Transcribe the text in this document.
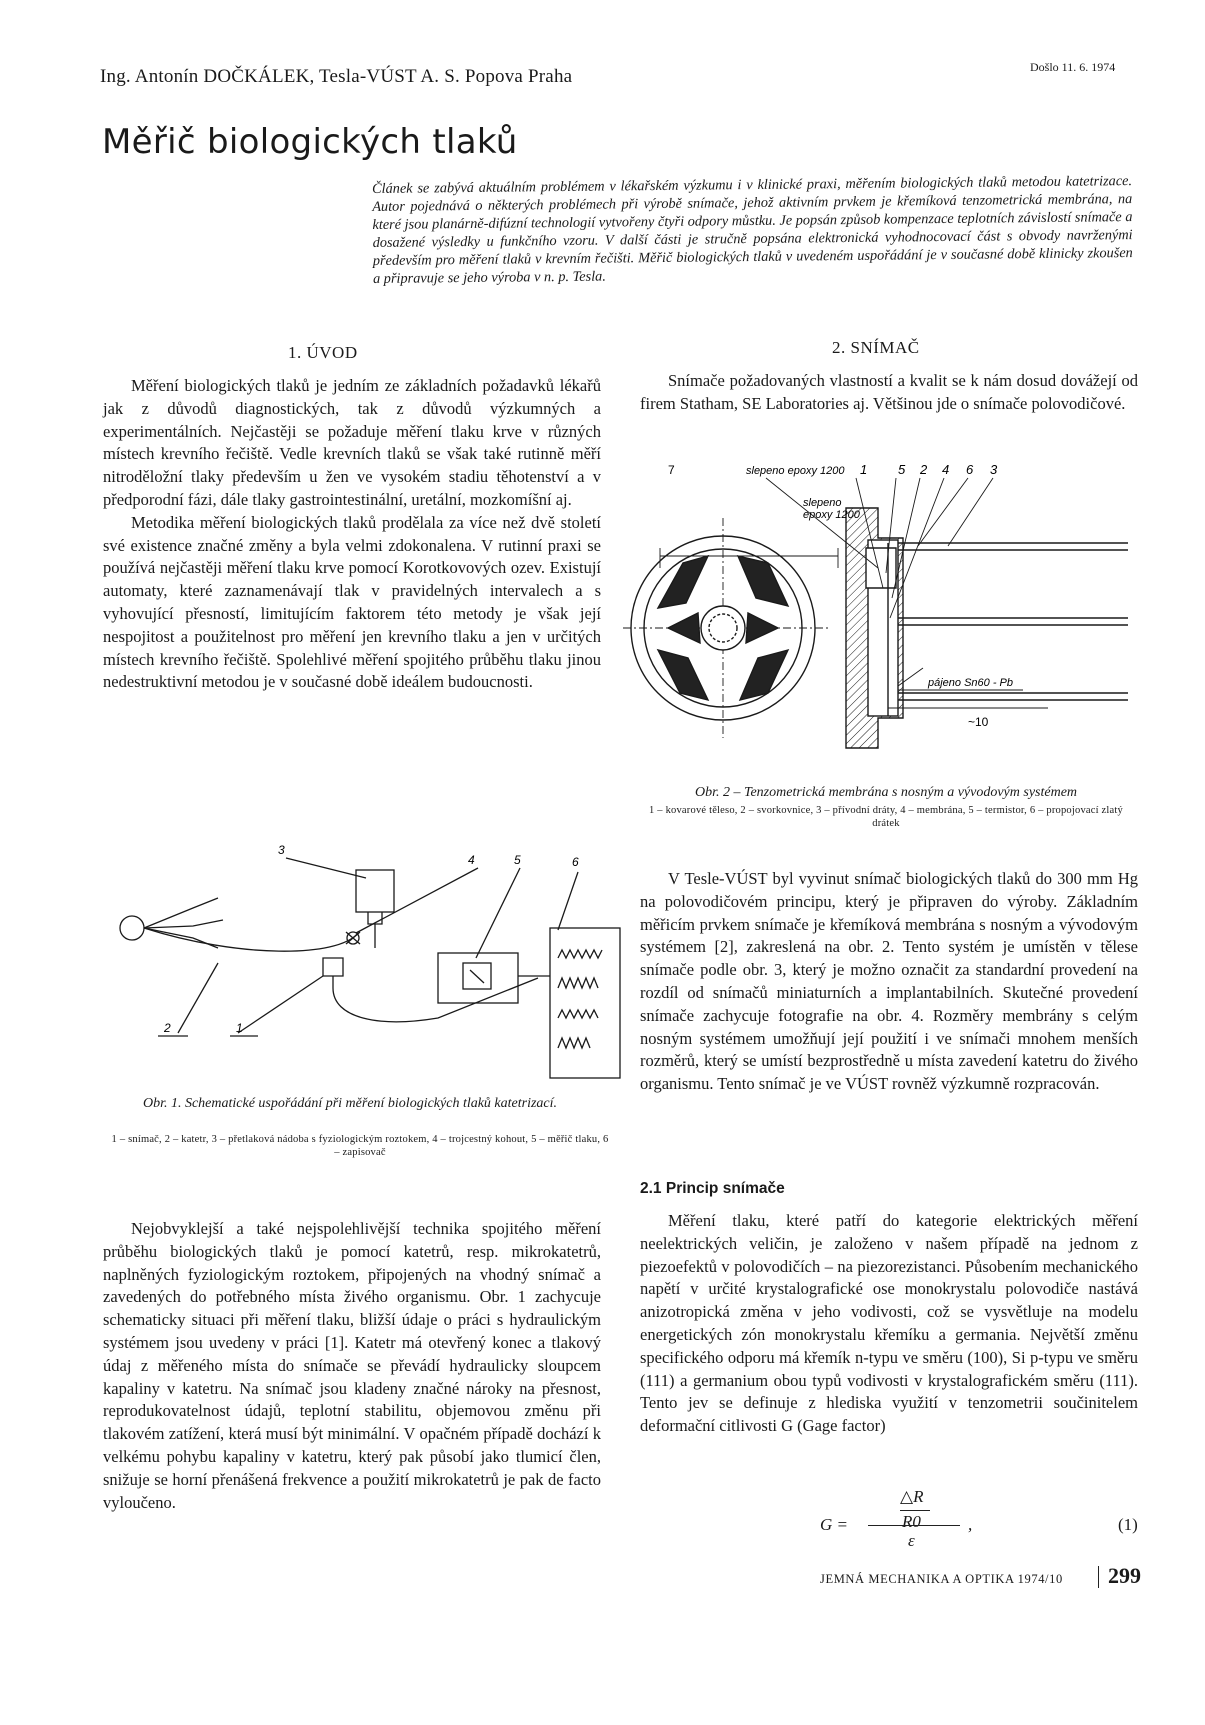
Ing. Antonín DOČKÁLEK, Tesla-VÚST A. S. Popova Praha	Došlo 11. 6. 1974
Měřič biologických tlaků
Článek se zabývá aktuálním problémem v lékařském výzkumu i v klinické praxi, měřením biologických tlaků metodou katetrizace. Autor pojednává o některých problémech při výrobě snímače, jehož aktivním prvkem je křemíková tenzometrická membrána, na které jsou planárně-difúzní technologií vytvořeny čtyři odpory můstku. Je popsán způsob kompenzace teplotních závislostí snímače a dosažené výsledky u funkčního vzoru. V další části je stručně popsána elektronická vyhodnocovací část s obvody navrženými především pro měření tlaků v krevním řečišti. Měřič biologických tlaků v uvedeném uspořádání je v současné době klinicky zkoušen a připravuje se jeho výroba v n. p. Tesla.
1. ÚVOD

Měření biologických tlaků je jedním ze základních požadavků lékařů jak z důvodů diagnostických, tak z důvodů výzkumných a experimentálních. Nejčastěji se požaduje měření tlaku krve v různých místech krevního řečiště. Vedle krevních tlaků se však také rutinně měří nitroděložní tlaky především u žen ve vysokém stadiu těhotenství a v předporodní fázi, dále tlaky gastrointestinální, uretální, mozkomíšní aj.

Metodika měření biologických tlaků prodělala za více než dvě století své existence značné změny a byla velmi zdokonalena. V rutinní praxi se používá nejčastěji měření tlaku krve pomocí Korotkovových ozev. Existují automaty, které zaznamenávají tlak v pravidelných intervalech a s vyhovující přesností, limitujícím faktorem této metody je však její nespojitost a použitelnost pro měření jen krevního tlaku a jen v určitých místech krevního řečiště. Spolehlivé měření spojitého průběhu tlaku jinou nedestruktivní metodou je v současné době ideálem budoucnosti.

2. SNÍMAČ

Snímače požadovaných vlastností a kvalit se k nám dosud dovážejí od firem Statham, SE Laboratories aj. Většinou jde o snímače polovodičové.

slepeno epoxy 1200
slepeno
epoxy 1200
pájeno Sn60 - Pb
7
~10
1 5 2 4 6 3
Obr. 2 – Tenzometrická membrána s nosným a vývodovým systémem
1 – kovarové těleso, 2 – svorkovnice, 3 – přívodní dráty, 4 – membrána, 5 – termistor, 6 – propojovací zlatý drátek
3
4	5	6
2	1
Obr. 1. Schematické uspořádání při měření biologických tlaků katetrizací.
1 – snímač, 2 – katetr, 3 – přetlaková nádoba s fyziologickým roztokem, 4 – trojcestný kohout, 5 – měřič tlaku, 6 – zapisovač

Nejobvyklejší a také nejspolehlivější technika spojitého měření průběhu biologických tlaků je pomocí katetrů, resp. mikrokatetrů, naplněných fyziologickým roztokem, připojených na vhodný snímač a zavedených do potřebného místa živého organismu. Obr. 1 zachycuje schematicky situaci při měření tlaku, bližší údaje o práci s hydraulickým systémem jsou uvedeny v práci [1]. Katetr má otevřený konec a tlakový údaj z měřeného místa do snímače se převádí hydraulicky sloupcem kapaliny v katetru. Na snímač jsou kladeny značné nároky na přesnost, reprodukovatelnost údajů, teplotní stabilitu, objemovou změnu při tlakovém zatížení, která musí být minimální. V opačném případě dochází k velkému pohybu kapaliny v katetru, který pak působí jako tlumicí člen, snižuje se horní přenášená frekvence a použití mikrokatetrů je pak de facto vyloučeno.

V Tesle-VÚST byl vyvinut snímač biologických tlaků do 300 mm Hg na polovodičovém principu, který je připraven do výroby. Základním měřicím prvkem snímače je křemíková membrána s nosným a vývodovým systémem [2], zakreslená na obr. 2. Tento systém je umístěn v tělese snímače podle obr. 3, který je možno označit za standardní provedení na rozdíl od snímačů miniaturních a implantabilních. Skutečné provedení snímače zachycuje fotografie na obr. 4. Rozměry membrány s celým nosným systémem umožňují její použití i ve snímači mnohem menších rozměrů, který se umístí bezprostředně u místa zavedení katetru do živého organismu. Tento snímač je ve VÚST rovněž výzkumně rozpracován.

2.1 Princip snímače

Měření tlaku, které patří do kategorie elektrických měření neelektrických veličin, je založeno v našem případě na jednom z piezoefektů v polovodičích – na piezorezistanci. Působením mechanického napětí v určité krystalografické ose monokrystalu polovodiče nastává anizotropická změna v jeho vodivosti, což se vysvětluje na modelu energetických zón monokrystalu křemíku a germania. Největší změnu specifického odporu má křemík n-typu ve směru (100), Si p-typu ve směru (111) a germanium obou typů vodivosti v krystalografickém směru (111). Tento jev se definuje z hlediska využití v tenzometrii součinitelem deformační citlivosti G (Gage factor)

G =
△R
R0
ε
,	(1)
JEMNÁ MECHANIKA A OPTIKA 1974/10 299
